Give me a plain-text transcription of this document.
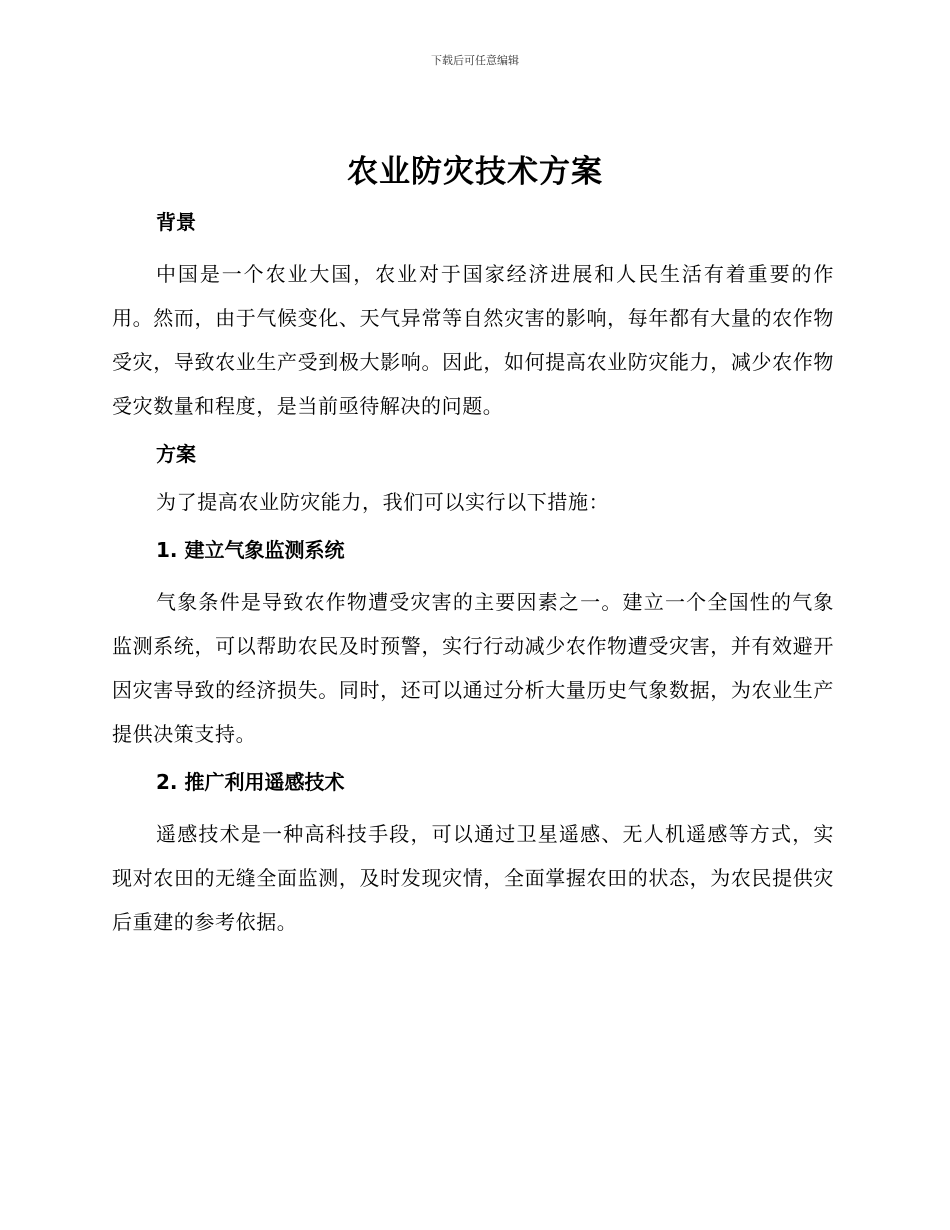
下载后可任意编辑
农业防灾技术方案
背景

中国是一个农业大国，农业对于国家经济进展和人民生活有着重要的作用。然而，由于气候变化、天气异常等自然灾害的影响，每年都有大量的农作物受灾，导致农业生产受到极大影响。因此，如何提高农业防灾能力，减少农作物受灾数量和程度，是当前亟待解决的问题。

方案

为了提高农业防灾能力，我们可以实行以下措施：

1. 建立气象监测系统

气象条件是导致农作物遭受灾害的主要因素之一。建立一个全国性的气象监测系统，可以帮助农民及时预警，实行行动减少农作物遭受灾害，并有效避开因灾害导致的经济损失。同时，还可以通过分析大量历史气象数据，为农业生产提供决策支持。

2. 推广利用遥感技术

遥感技术是一种高科技手段，可以通过卫星遥感、无人机遥感等方式，实现对农田的无缝全面监测，及时发现灾情，全面掌握农田的状态，为农民提供灾后重建的参考依据。
